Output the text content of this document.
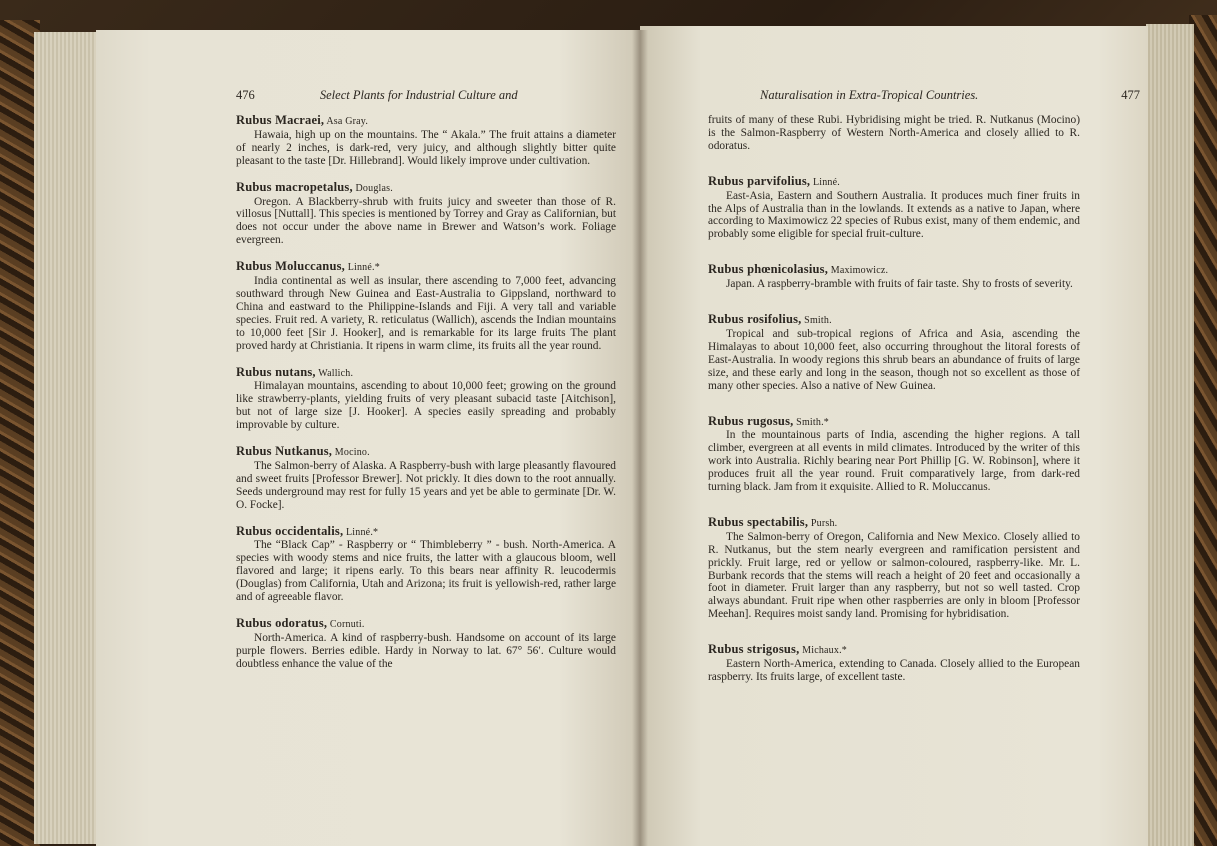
476	Select Plants for Industrial Culture and
Rubus Macraei, Asa Gray.
Hawaia, high up on the mountains. The “ Akala.” The fruit attains a diameter of nearly 2 inches, is dark-red, very juicy, and although slightly bitter quite pleasant to the taste [Dr. Hillebrand]. Would likely improve under cultivation.
Rubus macropetalus, Douglas.
Oregon. A Blackberry-shrub with fruits juicy and sweeter than those of R. villosus [Nuttall]. This species is mentioned by Torrey and Gray as Californian, but does not occur under the above name in Brewer and Watson’s work. Foliage evergreen.
Rubus Moluccanus, Linné.*
India continental as well as insular, there ascending to 7,000 feet, advancing southward through New Guinea and East-Australia to Gippsland, northward to China and eastward to the Philippine-Islands and Fiji. A very tall and variable species. Fruit red. A variety, R. reticulatus (Wallich), ascends the Indian mountains to 10,000 feet [Sir J. Hooker], and is remarkable for its large fruits The plant proved hardy at Christiania. It ripens in warm clime, its fruits all the year round.
Rubus nutans, Wallich.
Himalayan mountains, ascending to about 10,000 feet; growing on the ground like strawberry-plants, yielding fruits of very pleasant subacid taste [Aitchison], but not of large size [J. Hooker]. A species easily spreading and probably improvable by culture.
Rubus Nutkanus, Mocino.
The Salmon-berry of Alaska. A Raspberry-bush with large pleasantly flavoured and sweet fruits [Professor Brewer]. Not prickly. It dies down to the root annually. Seeds underground may rest for fully 15 years and yet be able to germinate [Dr. W. O. Focke].
Rubus occidentalis, Linné.*
The “Black Cap” - Raspberry or “ Thimbleberry ” - bush. North-America. A species with woody stems and nice fruits, the latter with a glaucous bloom, well flavored and large; it ripens early. To this bears near affinity R. leucodermis (Douglas) from California, Utah and Arizona; its fruit is yellowish-red, rather large and of agreeable flavor.
Rubus odoratus, Cornuti.
North-America. A kind of raspberry-bush. Handsome on account of its large purple flowers. Berries edible. Hardy in Norway to lat. 67° 56′. Culture would doubtless enhance the value of the
Naturalisation in Extra-Tropical Countries.	477
fruits of many of these Rubi. Hybridising might be tried. R. Nutkanus (Mocino) is the Salmon-Raspberry of Western North-America and closely allied to R. odoratus.
Rubus parvifolius, Linné.
East-Asia, Eastern and Southern Australia. It produces much finer fruits in the Alps of Australia than in the lowlands. It extends as a native to Japan, where according to Maximowicz 22 species of Rubus exist, many of them endemic, and probably some eligible for special fruit-culture.
Rubus phœnicolasius, Maximowicz.
Japan. A raspberry-bramble with fruits of fair taste. Shy to frosts of severity.
Rubus rosifolius, Smith.
Tropical and sub-tropical regions of Africa and Asia, ascending the Himalayas to about 10,000 feet, also occurring throughout the litoral forests of East-Australia. In woody regions this shrub bears an abundance of fruits of large size, and these early and long in the season, though not so excellent as those of many other species. Also a native of New Guinea.
Rubus rugosus, Smith.*
In the mountainous parts of India, ascending the higher regions. A tall climber, evergreen at all events in mild climates. Introduced by the writer of this work into Australia. Richly bearing near Port Phillip [G. W. Robinson], where it produces fruit all the year round. Fruit comparatively large, from dark-red turning black. Jam from it exquisite. Allied to R. Moluccanus.
Rubus spectabilis, Pursh.
The Salmon-berry of Oregon, California and New Mexico. Closely allied to R. Nutkanus, but the stem nearly evergreen and ramification persistent and prickly. Fruit large, red or yellow or salmon-coloured, raspberry-like. Mr. L. Burbank records that the stems will reach a height of 20 feet and occasionally a foot in diameter. Fruit larger than any raspberry, but not so well tasted. Crop always abundant. Fruit ripe when other raspberries are only in bloom [Professor Meehan]. Requires moist sandy land. Promising for hybridisation.
Rubus strigosus, Michaux.*
Eastern North-America, extending to Canada. Closely allied to the European raspberry. Its fruits large, of excellent taste.
